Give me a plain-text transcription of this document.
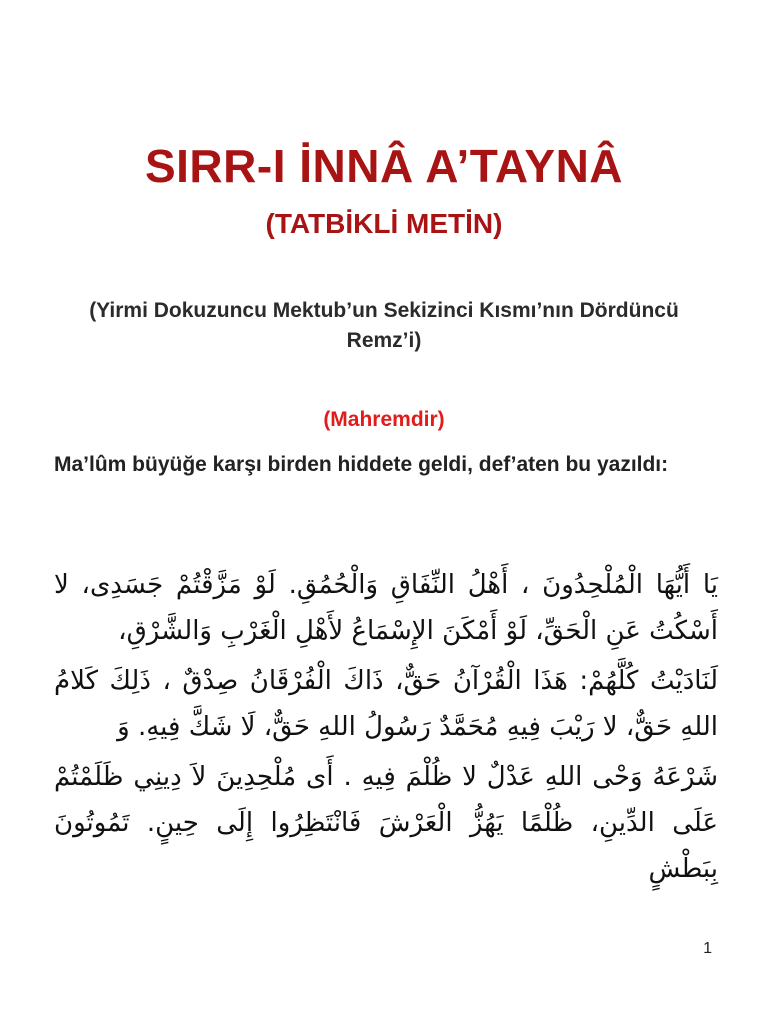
SIRR-I İNNÂ A’TAYNÂ
(TATBİKLİ METİN)
(Yirmi Dokuzuncu Mektub’un Sekizinci Kısmı’nın Dördüncü Remz’i)
(Mahremdir)
Ma’lûm büyüğe karşı birden hiddete geldi, def’aten bu yazıldı:

يَا أَيُّهَا الْمُلْحِدُونَ ، أَهْلُ النِّفَاقِ وَالْحُمُقِ. لَوْ مَزَّقْتُمْ جَسَدِى، لا أَسْكُتُ عَنِ الْحَقِّ، لَوْ أَمْكَنَ الإِسْمَاعُ لأَهْلِ الْغَرْبِ وَالشَّرْقِ،

لَنَادَيْتُ كُلَّهُمْ: هَذَا الْقُرْآنُ حَقٌّ، ذَاكَ الْفُرْقَانُ صِدْقٌ ، ذَلِكَ كَلامُ اللهِ حَقٌّ، لا رَيْبَ فِيهِ مُحَمَّدٌ رَسُولُ اللهِ حَقٌّ، لَا شَكَّ فِيهِ. وَ

شَرْعَهُ وَحْى اللهِ عَدْلٌ لا ظُلْمَ فِيهِ . أَى مُلْحِدِينَ لاَ دِينِي ظَلَمْتُمْ عَلَى الدِّينِ، ظُلْمًا يَهُزُّ الْعَرْشَ فَانْتَظِرُوا إِلَى حِينٍ. تَمُوتُونَ بِبَطْشٍ

1
